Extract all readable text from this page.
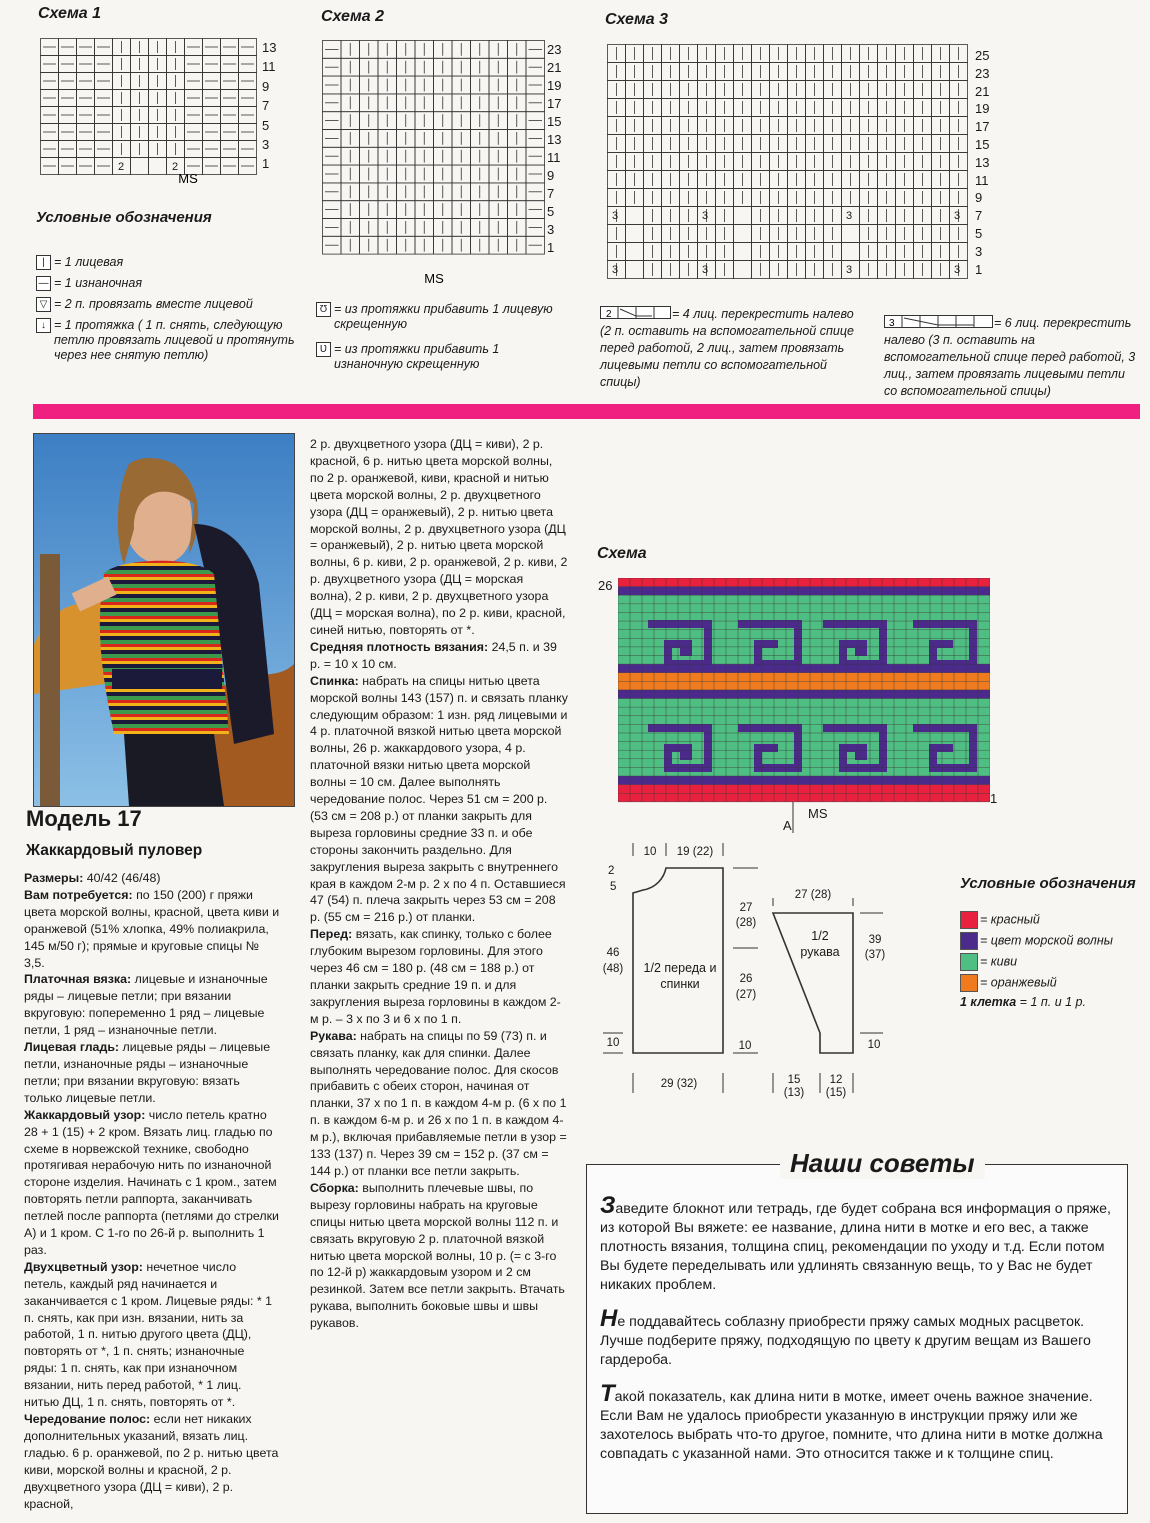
Схема 1
2	2
MS
13
11
9
7
5
3
1
Схема 2
MS
23
21
19
17
15
13
11
9
7
5
3
1
Схема 3
3	3	3	3
3	3	3	3
25
23
21
19
17
15
13
11
9
7
5
3
1
Условные обозначения
| = 1 лицевая
— = 1 изнаночная
▽ = 2 п. провязать вместе лицевой
↓ = 1 протяжка ( 1 п. снять, следующую петлю провязать лицевой и протянуть через нее снятую петлю)
Ʊ = из протяжки прибавить 1 лицевую скрещенную
Ʋ = из протяжки прибавить 1 изнаночную скрещенную
2	= 4 лиц. перекрестить налево (2 п. оставить на вспомогательной спице перед работой, 2 лиц., затем провязать лицевыми петли со вспомогательной спицы)
3	= 6 лиц. перекрестить налево (3 п. оставить на вспомогательной спице перед работой, 3 лиц., затем провязать лицевыми петли со вспомогательной спицы)
Модель 17
Жаккардовый пуловер

Размеры: 40/42 (46/48)

Вам потребуется: по 150 (200) г пряжи цвета морской волны, красной, цвета киви и оранжевой (51% хлопка, 49% полиакрила, 145 м/50 г); прямые и круговые спицы № 3,5.

Платочная вязка: лицевые и изнаночные ряды – лицевые петли; при вязании вкруговую: попеременно 1 ряд – лицевые петли, 1 ряд – изнаночные петли.

Лицевая гладь: лицевые ряды – лицевые петли, изнаночные ряды – изнаночные петли; при вязании вкруговую: вязать только лицевые петли.

Жаккардовый узор: число петель кратно 28 + 1 (15) + 2 кром. Вязать лиц. гладью по схеме в норвежской технике, свободно протягивая нерабочую нить по изнаночной стороне изделия. Начинать с 1 кром., затем повторять петли раппорта, заканчивать петлей после раппорта (петлями до стрелки А) и 1 кром. С 1-го по 26-й р. выполнить 1 раз.

Двухцветный узор: нечетное число петель, каждый ряд начинается и заканчивается с 1 кром. Лицевые ряды: * 1 п. снять, как при изн. вязании, нить за работой, 1 п. нитью другого цвета (ДЦ), повторять от *, 1 п. снять; изнаночные ряды: 1 п. снять, как при изнаночном вязании, нить перед работой, * 1 лиц. нитью ДЦ, 1 п. снять, повторять от *.

Чередование полос: если нет никаких дополнительных указаний, вязать лиц. гладью. 6 р. оранжевой, по 2 р. нитью цвета киви, морской волны и красной, 2 р. двухцветного узора (ДЦ = киви), 2 р. красной,

2 р. двухцветного узора (ДЦ = киви), 2 р. красной, 6 р. нитью цвета морской волны, по 2 р. оранжевой, киви, красной и нитью цвета морской волны, 2 р. двухцветного узора (ДЦ = оранжевый), 2 р. нитью цвета морской волны, 2 р. двухцветного узора (ДЦ = оранжевый), 2 р. нитью цвета морской волны, 6 р. киви, 2 р. оранжевой, 2 р. киви, 2 р. двухцветного узора (ДЦ = морская волна), 2 р. киви, 2 р. двухцветного узора (ДЦ = морская волна), по 2 р. киви, красной, синей нитью, повторять от *.

Средняя плотность вязания: 24,5 п. и 39 р. = 10 х 10 см.

Спинка: набрать на спицы нитью цвета морской волны 143 (157) п. и связать планку следующим образом: 1 изн. ряд лицевыми и 4 р. платочной вязкой нитью цвета морской волны, 26 р. жаккардового узора, 4 р. платочной вязки нитью цвета морской волны = 10 см. Далее выполнять чередование полос. Через 51 см = 200 р. (53 см = 208 р.) от планки закрыть для выреза горловины средние 33 п. и обе стороны закончить раздельно. Для закругления выреза закрыть с внутреннего края в каждом 2-м р. 2 х по 4 п. Оставшиеся 47 (54) п. плеча закрыть через 53 см = 208 р. (55 см = 216 р.) от планки.

Перед: вязать, как спинку, только с более глубоким вырезом горловины. Для этого через 46 см = 180 р. (48 см = 188 р.) от планки закрыть средние 19 п. и для закругления выреза горловины в каждом 2-м р. – 3 х по 3 и 6 х по 1 п.

Рукава: набрать на спицы по 59 (73) п. и связать планку, как для спинки. Далее выполнять чередование полос. Для скосов прибавить с обеих сторон, начиная от планки, 37 х по 1 п. в каждом 4-м р. (6 х по 1 п. в каждом 6-м р. и 26 х по 1 п. в каждом 4-м р.), включая прибавляемые петли в узор = 133 (137) п. Через 39 см = 152 р. (37 см = 144 р.) от планки все петли закрыть.

Сборка: выполнить плечевые швы, по вырезу горловины набрать на круговые спицы нитью цвета морской волны 112 п. и связать вкруговую 2 р. платочной вязкой нитью цвета морской волны, 10 р. (= с 3-го по 12-й р) жаккардовым узором и 2 см резинкой. Затем все петли закрыть. Втачать рукава, выполнить боковые швы и швы рукавов.

Схема
26
1
A
MS
10 19 (22)
2
5
46
(48)
10
27
(28)
26
(27)
10
29 (32)
27 (28)
39
(37)
10
15
(13)
12
(15)
1/2 переда и спинки
1/2 рукава
Условные обозначения
= красный
= цвет морской волны
= киви
= оранжевый
1 клетка = 1 п. и 1 р.
Наши советы

Заведите блокнот или тетрадь, где будет собрана вся информация о пряже, из которой Вы вяжете: ее название, длина нити в мотке и его вес, а также плотность вязания, толщина спиц, рекомендации по уходу и т.д. Если потом Вы будете переделывать или удлинять связанную вещь, то у Вас не будет никаких проблем.

Не поддавайтесь соблазну приобрести пряжу самых модных расцветок. Лучше подберите пряжу, подходящую по цвету к другим вещам из Вашего гардероба.

Такой показатель, как длина нити в мотке, имеет очень важное значение. Если Вам не удалось приобрести указанную в инструкции пряжу или же захотелось выбрать что-то другое, помните, что длина нити в мотке должна совпадать с указанной нами. Это относится также и к толщине спиц.
